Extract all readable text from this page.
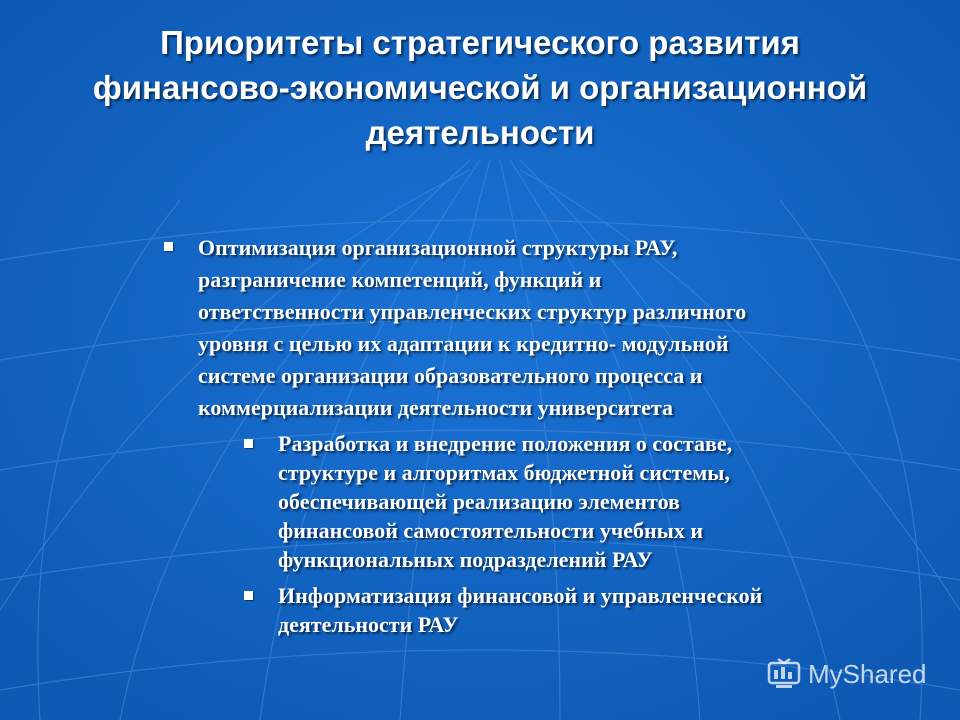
Приоритеты стратегического развития
финансово-экономической и организационной
деятельности
Оптимизация организационной структуры РАУ,
разграничение компетенций, функций и
ответственности управленческих структур различного
уровня с целью их адаптации к кредитно- модульной
системе организации образовательного процесса и
коммерциализации деятельности университета
Разработка и внедрение положения о составе,
структуре и алгоритмах бюджетной системы,
обеспечивающей реализацию элементов
финансовой самостоятельности учебных и
функциональных подразделений РАУ
Информатизация финансовой и управленческой
деятельности РАУ
MyShared
